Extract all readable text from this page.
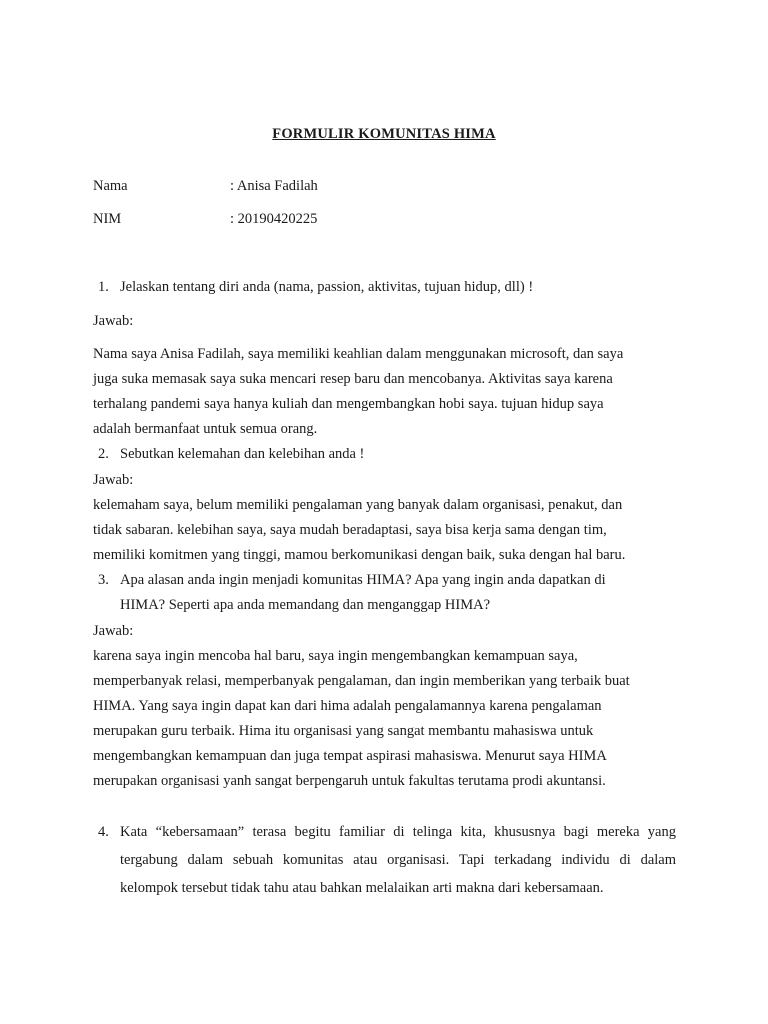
FORMULIR KOMUNITAS HIMA
Nama	: Anisa Fadilah
NIM	: 20190420225
1. Jelaskan tentang diri anda (nama, passion, aktivitas, tujuan hidup, dll) !
Jawab:
Nama saya Anisa Fadilah, saya memiliki keahlian dalam menggunakan microsoft, dan saya
juga suka memasak saya suka mencari resep baru dan mencobanya. Aktivitas saya karena
terhalang pandemi saya hanya kuliah dan mengembangkan hobi saya. tujuan hidup saya
adalah bermanfaat untuk semua orang.
2. Sebutkan kelemahan dan kelebihan anda !
Jawab:
kelemaham saya, belum memiliki pengalaman yang banyak dalam organisasi, penakut, dan
tidak sabaran. kelebihan saya, saya mudah beradaptasi, saya bisa kerja sama dengan tim,
memiliki komitmen yang tinggi, mamou berkomunikasi dengan baik, suka dengan hal baru.
3. Apa alasan anda ingin menjadi komunitas HIMA? Apa yang ingin anda dapatkan di
HIMA? Seperti apa anda memandang dan menganggap HIMA?
Jawab:
karena saya ingin mencoba hal baru, saya ingin mengembangkan kemampuan saya,
memperbanyak relasi, memperbanyak pengalaman, dan ingin memberikan yang terbaik buat
HIMA. Yang saya ingin dapat kan dari hima adalah pengalamannya karena pengalaman
merupakan guru terbaik. Hima itu organisasi yang sangat membantu mahasiswa untuk
mengembangkan kemampuan dan juga tempat aspirasi mahasiswa. Menurut saya HIMA
merupakan organisasi yanh sangat berpengaruh untuk fakultas terutama prodi akuntansi.
4. Kata “kebersamaan” terasa begitu familiar di telinga kita, khususnya bagi mereka yang
tergabung dalam sebuah komunitas atau organisasi. Tapi terkadang individu di dalam
kelompok tersebut tidak tahu atau bahkan melalaikan arti makna dari kebersamaan.
